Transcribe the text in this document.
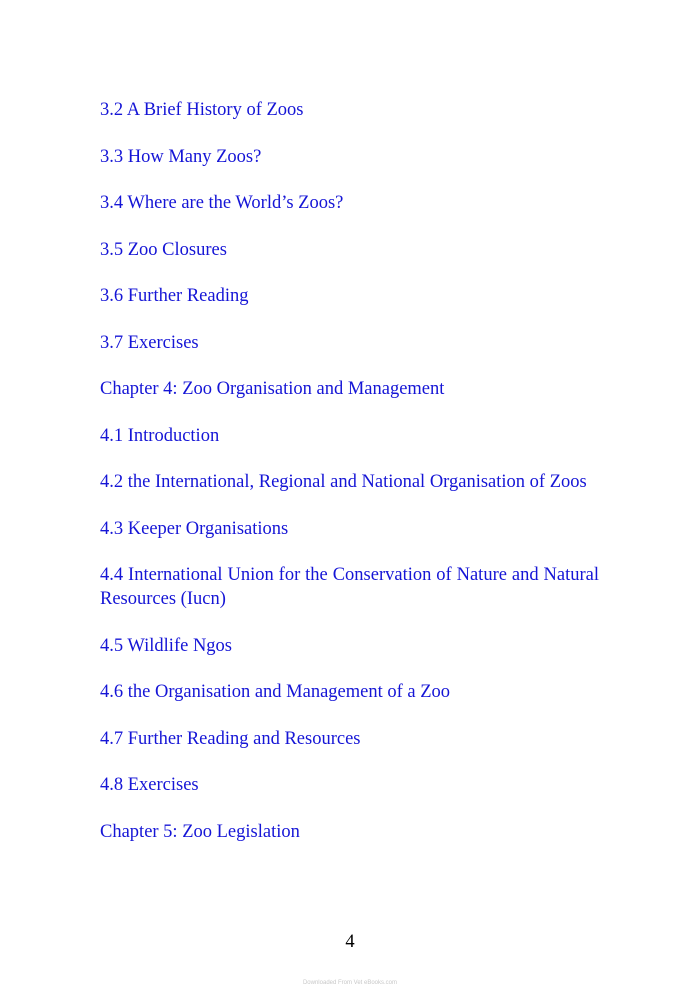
3.2 A Brief History of Zoos
3.3 How Many Zoos?
3.4 Where are the World’s Zoos?
3.5 Zoo Closures
3.6 Further Reading
3.7 Exercises
Chapter 4: Zoo Organisation and Management
4.1 Introduction
4.2 the International, Regional and National Organisation of Zoos
4.3 Keeper Organisations
4.4 International Union for the Conservation of Nature and Natural Resources (Iucn)
4.5 Wildlife Ngos
4.6 the Organisation and Management of a Zoo
4.7 Further Reading and Resources
4.8 Exercises
Chapter 5: Zoo Legislation
4
Downloaded From Vet eBooks.com
